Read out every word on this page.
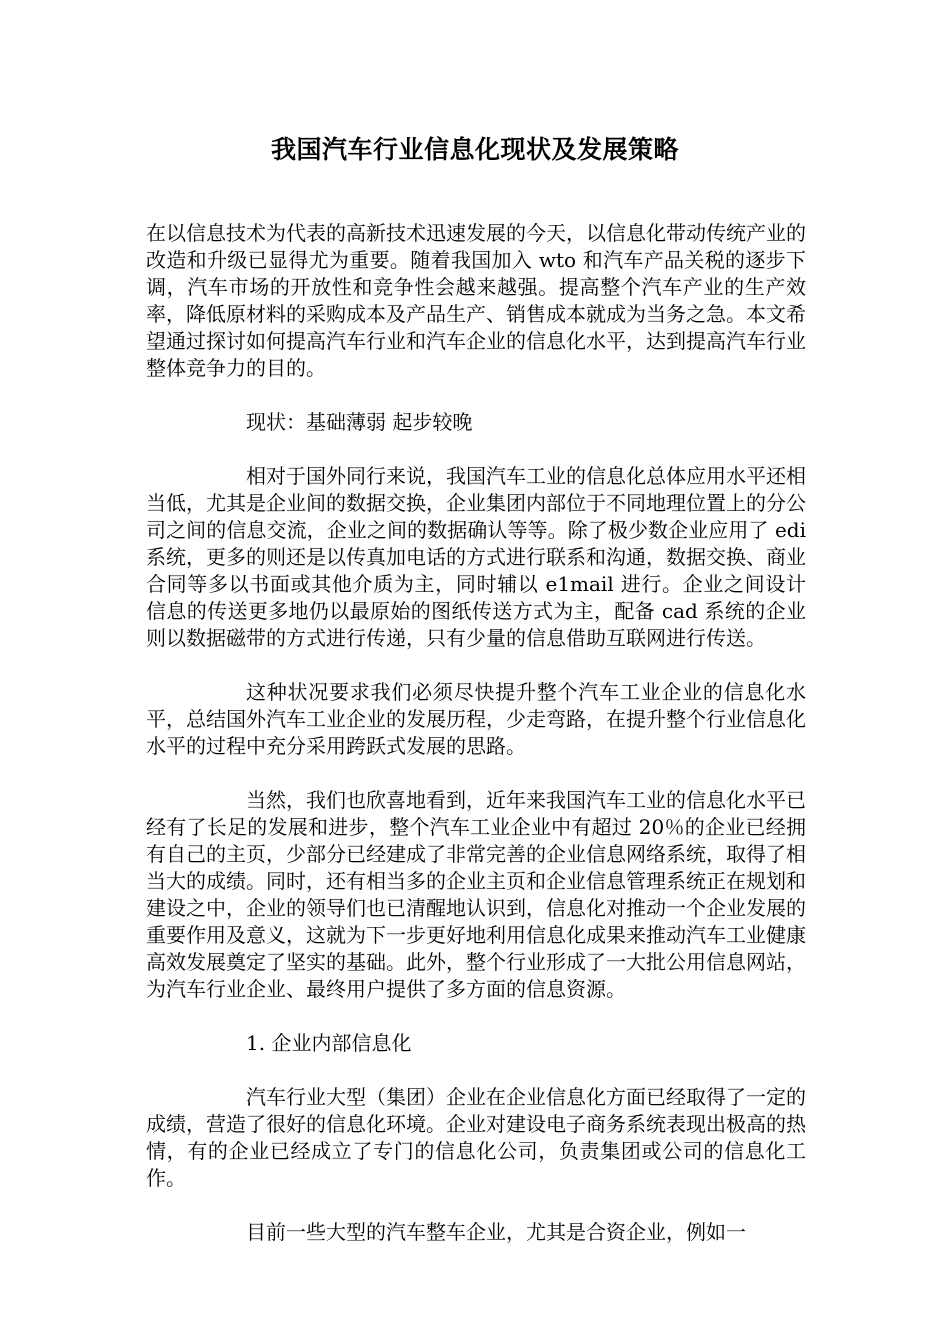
我国汽车行业信息化现状及发展策略

在以信息技术为代表的高新技术迅速发展的今天，以信息化带动传统产业的改造和升级已显得尤为重要。随着我国加入 wto 和汽车产品关税的逐步下调，汽车市场的开放性和竞争性会越来越强。提高整个汽车产业的生产效率，降低原材料的采购成本及产品生产、销售成本就成为当务之急。本文希望通过探讨如何提高汽车行业和汽车企业的信息化水平，达到提高汽车行业整体竞争力的目的。

现状：基础薄弱 起步较晚

相对于国外同行来说，我国汽车工业的信息化总体应用水平还相当低，尤其是企业间的数据交换，企业集团内部位于不同地理位置上的分公司之间的信息交流，企业之间的数据确认等等。除了极少数企业应用了 edi 系统，更多的则还是以传真加电话的方式进行联系和沟通，数据交换、商业合同等多以书面或其他介质为主，同时辅以 e1mail 进行。企业之间设计信息的传送更多地仍以最原始的图纸传送方式为主，配备 cad 系统的企业则以数据磁带的方式进行传递，只有少量的信息借助互联网进行传送。

这种状况要求我们必须尽快提升整个汽车工业企业的信息化水平，总结国外汽车工业企业的发展历程，少走弯路，在提升整个行业信息化水平的过程中充分采用跨跃式发展的思路。

当然，我们也欣喜地看到，近年来我国汽车工业的信息化水平已经有了长足的发展和进步，整个汽车工业企业中有超过 20％的企业已经拥有自己的主页，少部分已经建成了非常完善的企业信息网络系统，取得了相当大的成绩。同时，还有相当多的企业主页和企业信息管理系统正在规划和建设之中，企业的领导们也已清醒地认识到，信息化对推动一个企业发展的重要作用及意义，这就为下一步更好地利用信息化成果来推动汽车工业健康高效发展奠定了坚实的基础。此外，整个行业形成了一大批公用信息网站，为汽车行业企业、最终用户提供了多方面的信息资源。

1. 企业内部信息化

汽车行业大型（集团）企业在企业信息化方面已经取得了一定的成绩，营造了很好的信息化环境。企业对建设电子商务系统表现出极高的热情，有的企业已经成立了专门的信息化公司，负责集团或公司的信息化工作。

目前一些大型的汽车整车企业，尤其是合资企业，例如一
